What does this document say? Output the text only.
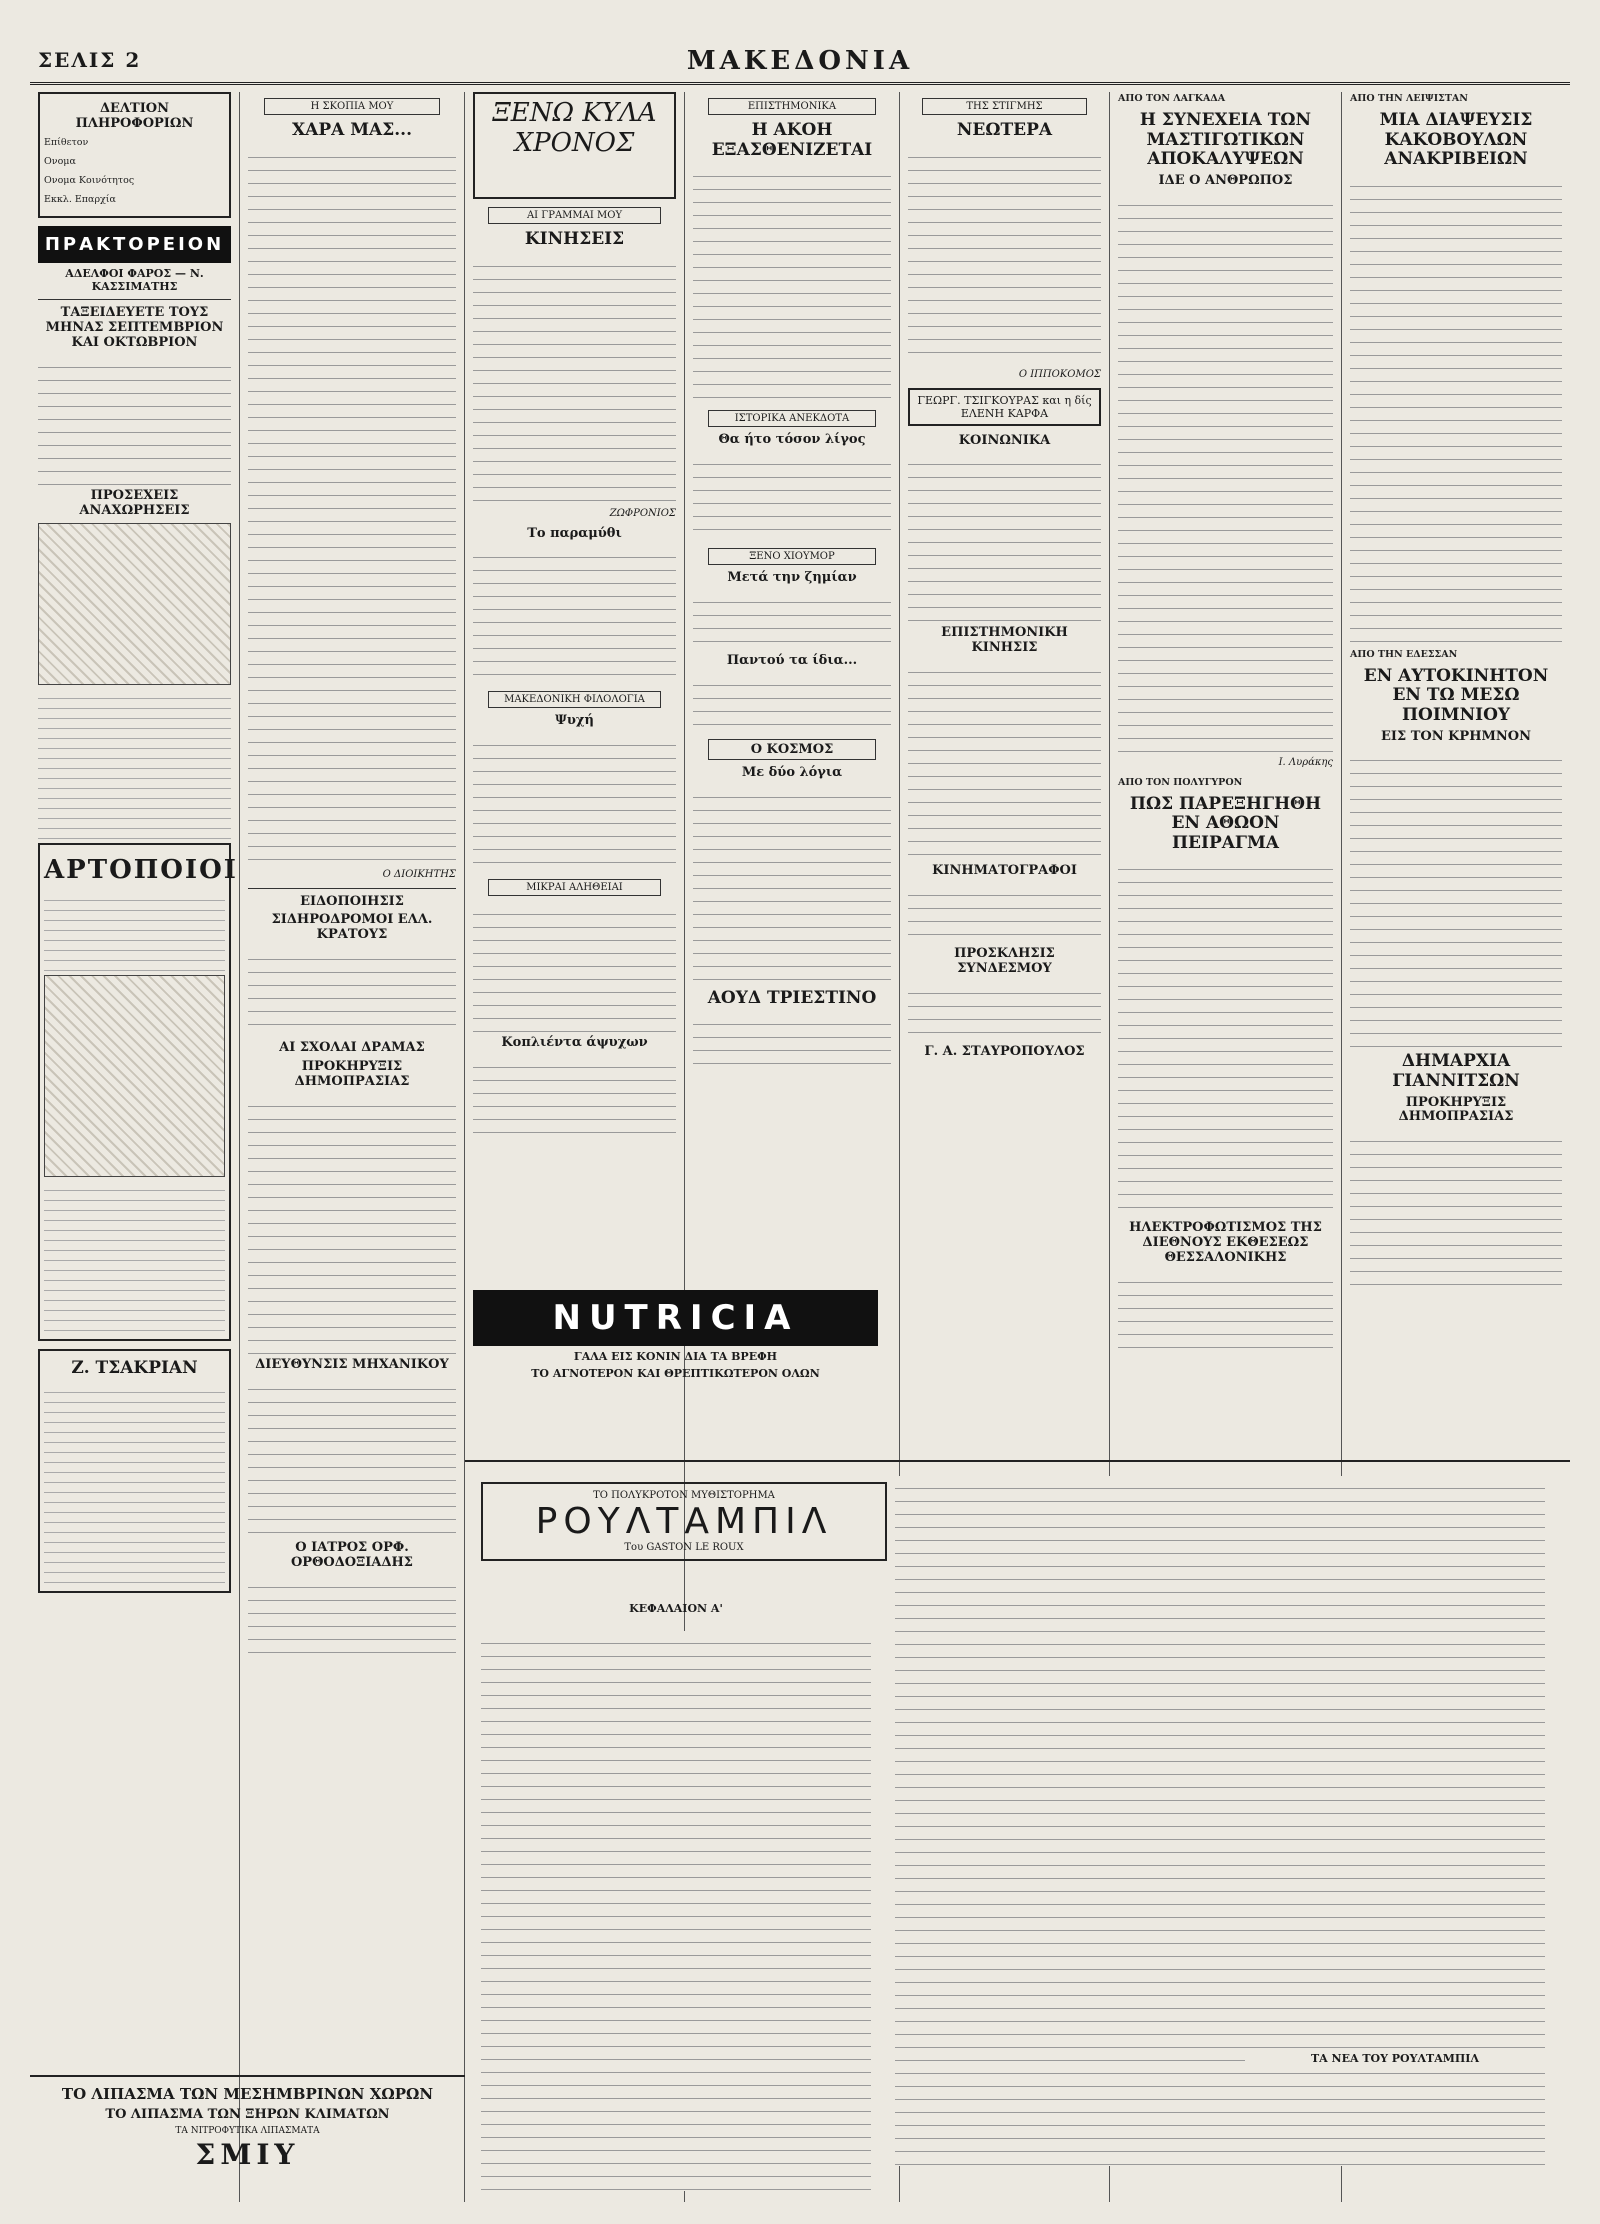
ΣΕΛΙΣ 2	ΜΑΚΕΔΟΝΙΑ
ΔΕΛΤΙΟΝ ΠΛΗΡΟΦΟΡΙΩΝ
Επίθετον
Ονομα
Ονομα Κοινότητος
Εκκλ. Επαρχία
ΠΡΑΚΤΟΡΕΙΟΝ
ΑΔΕΛΦΟΙ ΦΑΡΟΣ — Ν. ΚΑΣΣΙΜΑΤΗΣ
ΤΑΞΕΙΔΕΥΕΤΕ ΤΟΥΣ ΜΗΝΑΣ ΣΕΠΤΕΜΒΡΙΟΝ ΚΑΙ ΟΚΤΩΒΡΙΟΝ
ΠΡΟΣΕΧΕΙΣ ΑΝΑΧΩΡΗΣΕΙΣ
ΑΡΤΟΠΟΙΟΙ
Ζ. ΤΣΑΚΡΙΑΝ
Η ΣΚΟΠΙΑ ΜΟΥ
ΧΑΡΑ ΜΑΣ...
Ο ΔΙΟΙΚΗΤΗΣ
ΕΙΔΟΠΟΙΗΣΙΣ
ΣΙΔΗΡΟΔΡΟΜΟΙ ΕΛΛ. ΚΡΑΤΟΥΣ
ΑΙ ΣΧΟΛΑΙ ΔΡΑΜΑΣ
ΠΡΟΚΗΡΥΞΙΣ ΔΗΜΟΠΡΑΣΙΑΣ
ΔΙΕΥΘΥΝΣΙΣ ΜΗΧΑΝΙΚΟΥ
Ο ΙΑΤΡΟΣ ΟΡΦ. ΟΡΘΟΔΟΞΙΑΔΗΣ
ΞΕΝΩ ΚΥΛΑ ΧΡΟΝΟΣ
ΑΙ ΓΡΑΜΜΑΙ ΜΟΥ
ΚΙΝΗΣΕΙΣ
ΖΩΦΡΟΝΙΟΣ
Το παραμύθι
ΜΑΚΕΔΟΝΙΚΗ ΦΙΛΟΛΟΓΙΑ
Ψυχή
ΜΙΚΡΑΙ ΑΛΗΘΕΙΑΙ
Κοπλιέντα άψυχων
ΕΠΙΣΤΗΜΟΝΙΚΑ
Η ΑΚΟΗ ΕΞΑΣΘΕΝΙΖΕΤΑΙ
ΙΣΤΟΡΙΚΑ ΑΝΕΚΔΟΤΑ
Θα ήτο τόσον λίγος
ΞΕΝΟ ΧΙΟΥΜΟΡ
Μετά την ζημίαν
Παντού τα ίδια...
Ο ΚΟΣΜΟΣ
Με δύο λόγια
ΑΟΥΔ ΤΡΙΕΣΤΙΝΟ
ΤΗΣ ΣΤΙΓΜΗΣ
ΝΕΩΤΕΡΑ
Ο ΙΠΠΟΚΟΜΟΣ
ΓΕΩΡΓ. ΤΣΙΓΚΟΥΡΑΣ και η δίς ΕΛΕΝΗ ΚΑΡΦΑ
ΚΟΙΝΩΝΙΚΑ
ΕΠΙΣΤΗΜΟΝΙΚΗ ΚΙΝΗΣΙΣ
ΚΙΝΗΜΑΤΟΓΡΑΦΟΙ
ΠΡΟΣΚΛΗΣΙΣ ΣΥΝΔΕΣΜΟΥ
Γ. Α. ΣΤΑΥΡΟΠΟΥΛΟΣ
ΑΠΟ ΤΟΝ ΛΑΓΚΑΔΑ
Η ΣΥΝΕΧΕΙΑ ΤΩΝ ΜΑΣΤΙΓΩΤΙΚΩΝ ΑΠΟΚΑΛΥΨΕΩΝ
ΙΔΕ Ο ΑΝΘΡΩΠΟΣ
Ι. Λυράκης
ΑΠΟ ΤΟΝ ΠΟΛΥΓΥΡΟΝ
ΠΩΣ ΠΑΡΕΞΗΓΗΘΗ ΕΝ ΑΘΩΟΝ ΠΕΙΡΑΓΜΑ
ΗΛΕΚΤΡΟΦΩΤΙΣΜΟΣ ΤΗΣ ΔΙΕΘΝΟΥΣ ΕΚΘΕΣΕΩΣ ΘΕΣΣΑΛΟΝΙΚΗΣ
ΑΠΟ ΤΗΝ ΛΕΙΨΙΣΤΑΝ
ΜΙΑ ΔΙΑΨΕΥΣΙΣ ΚΑΚΟΒΟΥΛΩΝ ΑΝΑΚΡΙΒΕΙΩΝ
ΑΠΟ ΤΗΝ ΕΔΕΣΣΑΝ
ΕΝ ΑΥΤΟΚΙΝΗΤΟΝ ΕΝ ΤΩ ΜΕΣΩ ΠΟΙΜΝΙΟΥ
ΕΙΣ ΤΟΝ ΚΡΗΜΝΟΝ
ΔΗΜΑΡΧΙΑ ΓΙΑΝΝΙΤΣΩΝ
ΠΡΟΚΗΡΥΞΙΣ ΔΗΜΟΠΡΑΣΙΑΣ
NUTRICIA
ΓΑΛΑ ΕΙΣ ΚΟΝΙΝ ΔΙΑ ΤΑ ΒΡΕΦΗ
ΤΟ ΑΓΝΟΤΕΡΟΝ ΚΑΙ ΘΡΕΠΤΙΚΩΤΕΡΟΝ ΟΛΩΝ
ΤΟ ΠΟΛΥΚΡΟΤΟΝ ΜΥΘΙΣΤΟΡΗΜΑ
ΡΟΥΛΤΑΜΠΙΛ
Του GASTON LE ROUX
ΚΕΦΑΛΑΙΟΝ Α'
ΤΑ ΝΕΑ ΤΟΥ ΡΟΥΛΤΑΜΠΙΛ
ΤΟ ΛΙΠΑΣΜΑ ΤΩΝ ΜΕΣΗΜΒΡΙΝΩΝ ΧΩΡΩΝ
ΤΟ ΛΙΠΑΣΜΑ ΤΩΝ ΞΗΡΩΝ ΚΛΙΜΑΤΩΝ
ΤΑ ΝΙΤΡΟΦΥΤΙΚΑ ΛΙΠΑΣΜΑΤΑ
ΣΜΙΥ
